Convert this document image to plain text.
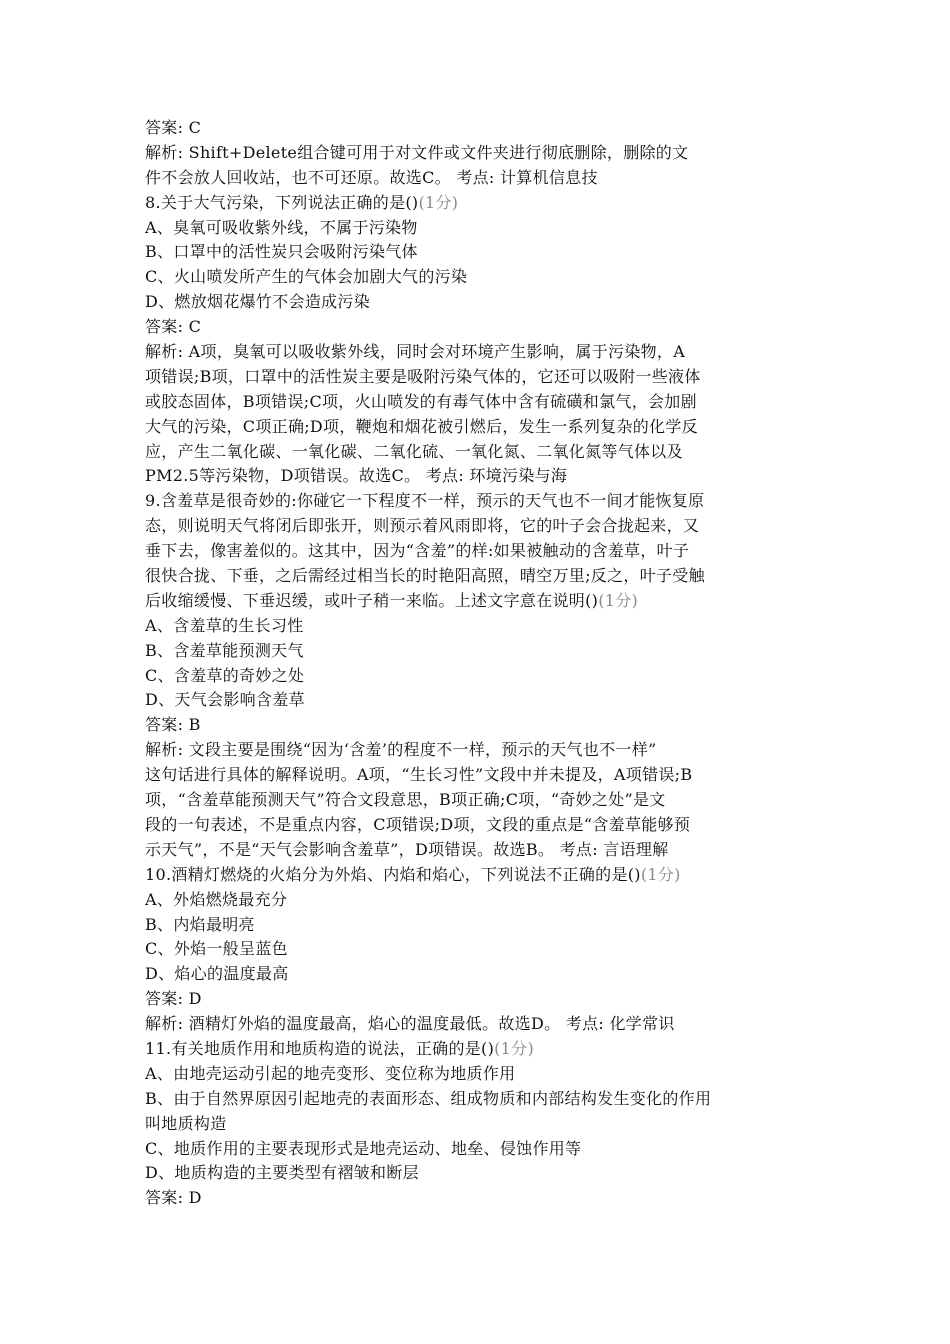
答案: C
解析: Shift+Delete组合键可用于对文件或文件夹进行彻底删除，删除的文
件不会放人回收站，也不可还原。故选C。 考点: 计算机信息技
8.关于大气污染，下列说法正确的是()(1分)
A、臭氧可吸收紫外线，不属于污染物
B、口罩中的活性炭只会吸附污染气体
C、火山喷发所产生的气体会加剧大气的污染
D、燃放烟花爆竹不会造成污染
答案: C
解析: A项，臭氧可以吸收紫外线，同时会对环境产生影响，属于污染物，A
项错误;B项，口罩中的活性炭主要是吸附污染气体的，它还可以吸附一些液体
或胶态固体，B项错误;C项，火山喷发的有毒气体中含有硫磺和氯气，会加剧
大气的污染，C项正确;D项，鞭炮和烟花被引燃后，发生一系列复杂的化学反
应，产生二氧化碳、一氧化碳、二氧化硫、一氧化氮、二氧化氮等气体以及
PM2.5等污染物，D项错误。故选C。 考点: 环境污染与海
9.含羞草是很奇妙的:你碰它一下程度不一样，预示的天气也不一间才能恢复原
态，则说明天气将闭后即张开，则预示着风雨即将，它的叶子会合拢起来，又
垂下去，像害羞似的。这其中，因为“含羞”的样:如果被触动的含羞草，叶子
很快合拢、下垂，之后需经过相当长的时艳阳高照，晴空万里;反之，叶子受触
后收缩缓慢、下垂迟缓，或叶子稍一来临。上述文字意在说明()(1分)
A、含羞草的生长习性
B、含羞草能预测天气
C、含羞草的奇妙之处
D、天气会影响含羞草
答案: B
解析: 文段主要是围绕“因为‘含羞’的程度不一样，预示的天气也不一样”
这句话进行具体的解释说明。A项，“生长习性”文段中并未提及，A项错误;B
项，“含羞草能预测天气”符合文段意思，B项正确;C项，“奇妙之处”是文
段的一句表述，不是重点内容，C项错误;D项，文段的重点是“含羞草能够预
示天气”，不是“天气会影响含羞草”，D项错误。故选B。 考点: 言语理解
10.酒精灯燃烧的火焰分为外焰、内焰和焰心，下列说法不正确的是()(1分)
A、外焰燃烧最充分
B、内焰最明亮
C、外焰一般呈蓝色
D、焰心的温度最高
答案: D
解析: 酒精灯外焰的温度最高，焰心的温度最低。故选D。 考点: 化学常识
11.有关地质作用和地质构造的说法，正确的是()(1分)
A、由地壳运动引起的地壳变形、变位称为地质作用
B、由于自然界原因引起地壳的表面形态、组成物质和内部结构发生变化的作用
叫地质构造
C、地质作用的主要表现形式是地壳运动、地垒、侵蚀作用等
D、地质构造的主要类型有褶皱和断层
答案: D
